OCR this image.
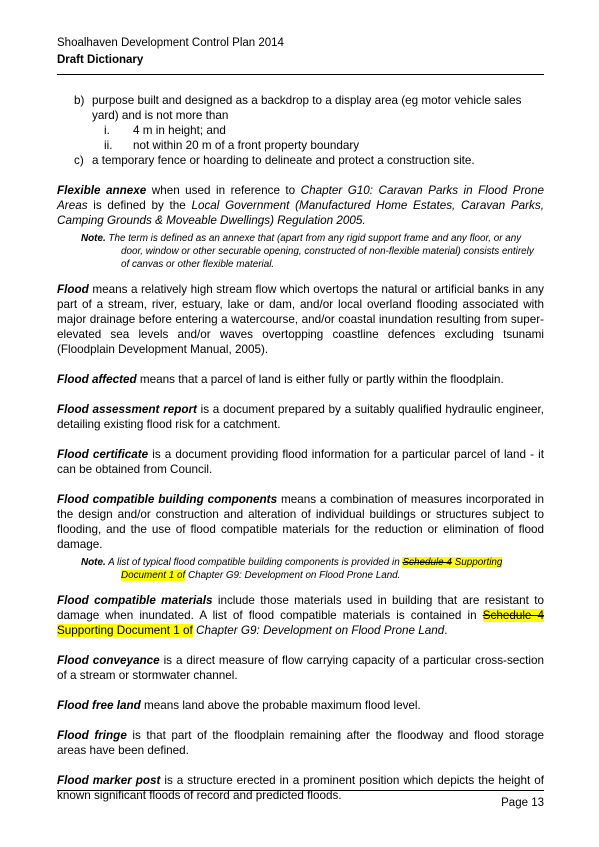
Shoalhaven Development Control Plan 2014
Draft Dictionary
b) purpose built and designed as a backdrop to a display area (eg motor vehicle sales yard) and is not more than
i. 4 m in height; and
ii. not within 20 m of a front property boundary
c) a temporary fence or hoarding to delineate and protect a construction site.

Flexible annexe when used in reference to Chapter G10: Caravan Parks in Flood Prone Areas is defined by the Local Government (Manufactured Home Estates, Caravan Parks, Camping Grounds & Moveable Dwellings) Regulation 2005.

Note. The term is defined as an annexe that (apart from any rigid support frame and any floor, or any door, window or other securable opening, constructed of non-flexible material) consists entirely of canvas or other flexible material.

Flood means a relatively high stream flow which overtops the natural or artificial banks in any part of a stream, river, estuary, lake or dam, and/or local overland flooding associated with major drainage before entering a watercourse, and/or coastal inundation resulting from super-elevated sea levels and/or waves overtopping coastline defences excluding tsunami (Floodplain Development Manual, 2005).

Flood affected means that a parcel of land is either fully or partly within the floodplain.

Flood assessment report is a document prepared by a suitably qualified hydraulic engineer, detailing existing flood risk for a catchment.

Flood certificate is a document providing flood information for a particular parcel of land - it can be obtained from Council.

Flood compatible building components means a combination of measures incorporated in the design and/or construction and alteration of individual buildings or structures subject to flooding, and the use of flood compatible materials for the reduction or elimination of flood damage.

Note. A list of typical flood compatible building components is provided in Schedule 4 Supporting Document 1 of Chapter G9: Development on Flood Prone Land.

Flood compatible materials include those materials used in building that are resistant to damage when inundated. A list of flood compatible materials is contained in Schedule 4 Supporting Document 1 of Chapter G9: Development on Flood Prone Land.

Flood conveyance is a direct measure of flow carrying capacity of a particular cross-section of a stream or stormwater channel.

Flood free land means land above the probable maximum flood level.

Flood fringe is that part of the floodplain remaining after the floodway and flood storage areas have been defined.

Flood marker post is a structure erected in a prominent position which depicts the height of known significant floods of record and predicted floods.

Page 13
